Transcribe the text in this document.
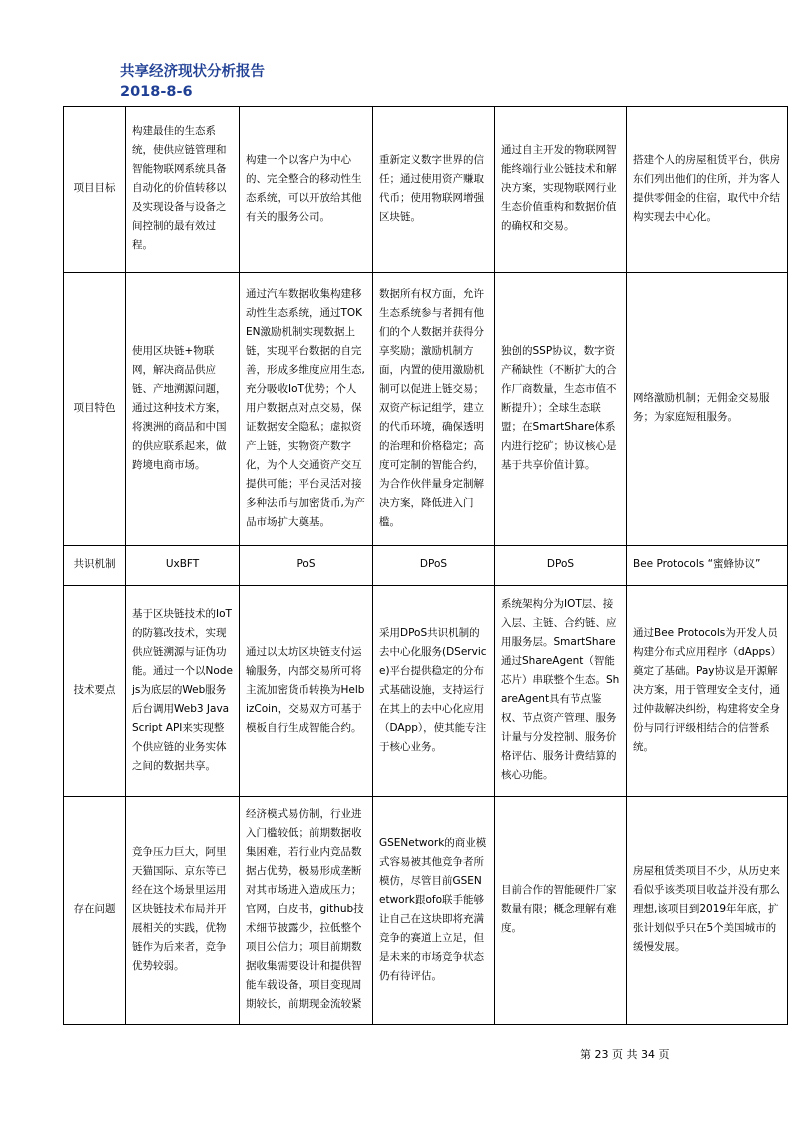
共享经济现状分析报告
2018-8-6
项目目标	构建最佳的生态系统，使供应链管理和智能物联网系统具备自动化的价值转移以及实现设备与设备之间控制的最有效过程。	构建一个以客户为中心的、完全整合的移动性生态系统，可以开放给其他有关的服务公司。	重新定义数字世界的信任；通过使用资产赚取代币；使用物联网增强区块链。	通过自主开发的物联网智能终端行业公链技术和解决方案，实现物联网行业生态价值重构和数据价值的确权和交易。	搭建个人的房屋租赁平台，供房东们列出他们的住所，并为客人提供零佣金的住宿，取代中介结构实现去中心化。
项目特色	使用区块链+物联网，解决商品供应链、产地溯源问题，通过这种技术方案，将澳洲的商品和中国的供应联系起来，做跨境电商市场。	通过汽车数据收集构建移动性生态系统，通过TOKEN激励机制实现数据上链，实现平台数据的自完善，形成多维度应用生态,充分吸收IoT优势；个人用户数据点对点交易，保证数据安全隐私；虚拟资产上链，实物资产数字化，为个人交通资产交互提供可能；平台灵活对接多种法币与加密货币,为产品市场扩大奠基。	数据所有权方面，允许生态系统参与者拥有他们的个人数据并获得分享奖励；激励机制方面，内置的使用激励机制可以促进上链交易；双资产标记组学，建立的代币环境，确保透明的治理和价格稳定；高度可定制的智能合约，为合作伙伴量身定制解决方案，降低进入门槛。	独创的SSP协议，数字资产稀缺性（不断扩大的合作厂商数量，生态市值不断提升）；全球生态联盟；在SmartShare体系内进行挖矿；协议核心是基于共享价值计算。	网络激励机制；无佣金交易服务；为家庭短租服务。
共识机制	UxBFT	PoS	DPoS	DPoS	Bee Protocols “蜜蜂协议”
技术要点	基于区块链技术的IoT的防篡改技术，实现供应链溯源与证伪功能。通过一个以Nodejs为底层的Web服务后台调用Web3 JavaScript API来实现整个供应链的业务实体之间的数据共享。	通过以太坊区块链支付运输服务，内部交易所可将主流加密货币转换为HelbizCoin，交易双方可基于模板自行生成智能合约。	采用DPoS共识机制的去中心化服务(DService)平台提供稳定的分布式基础设施，支持运行在其上的去中心化应用（DApp），使其能专注于核心业务。	系统架构分为IOT层、接入层、主链、合约链、应用服务层。SmartShare通过ShareAgent（智能芯片）串联整个生态。ShareAgent具有节点鉴权、节点资产管理、服务计量与分发控制、服务价格评估、服务计费结算的核心功能。	通过Bee Protocols为开发人员构建分布式应用程序（dApps）奠定了基础。Pay协议是开源解决方案，用于管理安全支付，通过仲裁解决纠纷，构建将安全身份与同行评级相结合的信誉系统。
存在问题	竞争压力巨大，阿里天猫国际、京东等已经在这个场景里运用区块链技术布局并开展相关的实践，优物链作为后来者，竞争优势较弱。	经济模式易仿制，行业进入门槛较低；前期数据收集困难，若行业内竞品数据占优势，极易形成垄断对其市场进入造成压力；官网，白皮书，github技术细节披露少，拉低整个项目公信力；项目前期数据收集需要设计和提供智能车载设备，项目变现周期较长，前期现金流较紧	GSENetwork的商业模式容易被其他竞争者所模仿，尽管目前GSENetwork跟ofo联手能够让自己在这块即将充满竞争的赛道上立足，但是未来的市场竞争状态仍有待评估。	目前合作的智能硬件厂家数量有限；概念理解有难度。	房屋租赁类项目不少，从历史来看似乎该类项目收益并没有那么理想,该项目到2019年年底，扩张计划似乎只在5个美国城市的缓慢发展。
第 23 页 共 34 页
